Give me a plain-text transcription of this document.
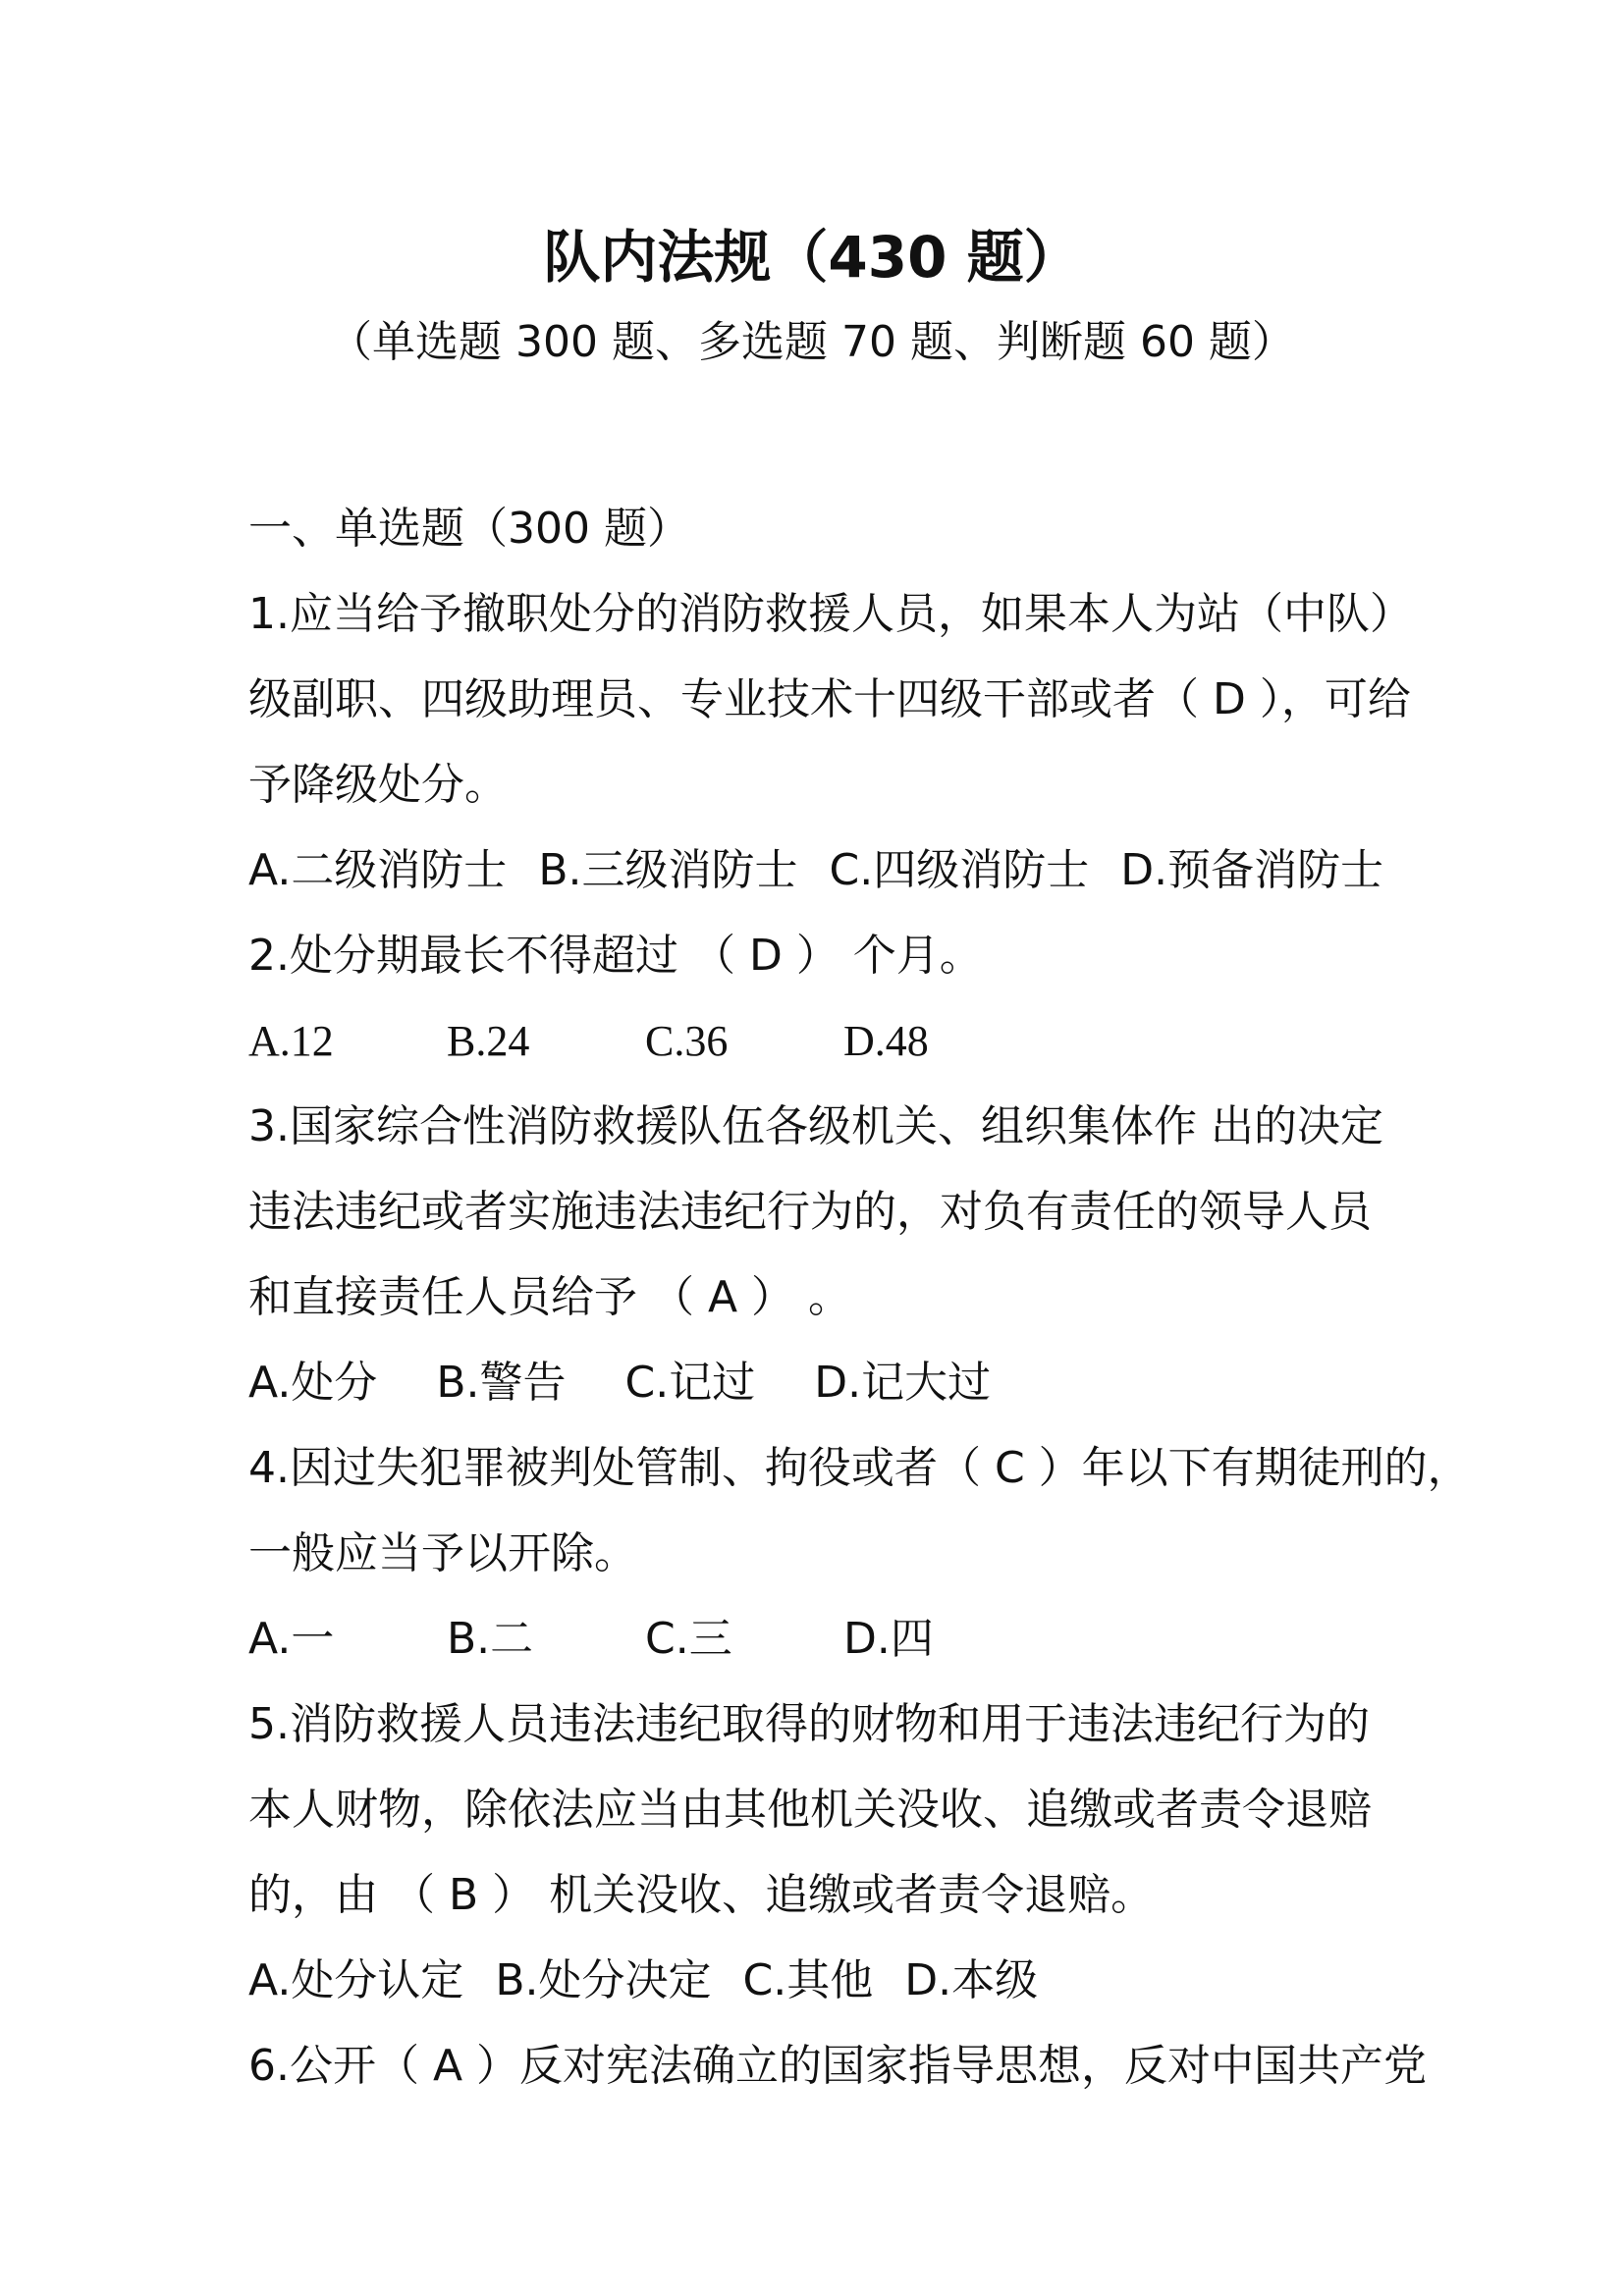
队内法规（430 题）
（单选题 300 题、多选题 70 题、判断题 60 题）
一、单选题（300 题）
1.应当给予撤职处分的消防救援人员，如果本人为站（中队）
级副职、四级助理员、专业技术十四级干部或者（ D ），可给
予降级处分。
A.二级消防士 B.三级消防士 C.四级消防士 D.预备消防士
2.处分期最长不得超过 （ D ） 个月。
A.12	B.24	C.36	D.48
3.国家综合性消防救援队伍各级机关、组织集体作 出的决定
违法违纪或者实施违法违纪行为的，对负有责任的领导人员
和直接责任人员给予 （ A ） 。
A.处分 B.警告 C.记过 D.记大过
4.因过失犯罪被判处管制、拘役或者（ C ）年以下有期徒刑的，
一般应当予以开除。
A.一	B.二	C.三	D.四
5.消防救援人员违法违纪取得的财物和用于违法违纪行为的
本人财物，除依法应当由其他机关没收、追缴或者责令退赔
的，由 （ B ） 机关没收、追缴或者责令退赔。
A.处分认定 B.处分决定 C.其他 D.本级
6.公开（ A ）反对宪法确立的国家指导思想，反对中国共产党
